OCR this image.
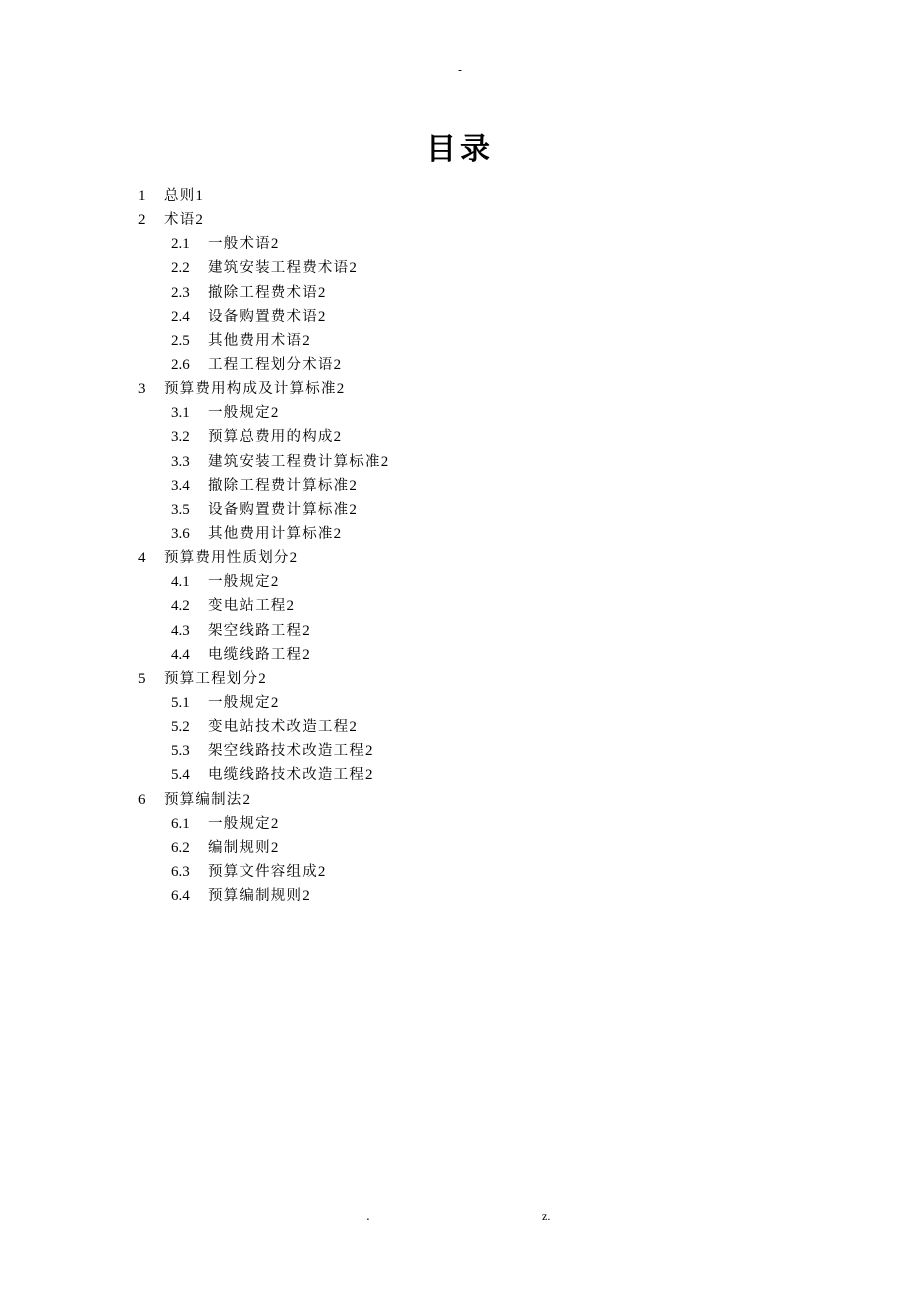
-
目录
1 总则1
2 术语2
2.1 一般术语2
2.2 建筑安装工程费术语2
2.3 撤除工程费术语2
2.4 设备购置费术语2
2.5 其他费用术语2
2.6 工程工程划分术语2
3 预算费用构成及计算标准2
3.1 一般规定2
3.2 预算总费用的构成2
3.3 建筑安装工程费计算标准2
3.4 撤除工程费计算标准2
3.5 设备购置费计算标准2
3.6 其他费用计算标准2
4 预算费用性质划分2
4.1 一般规定2
4.2 变电站工程2
4.3 架空线路工程2
4.4 电缆线路工程2
5 预算工程划分2
5.1 一般规定2
5.2 变电站技术改造工程2
5.3 架空线路技术改造工程2
5.4 电缆线路技术改造工程2
6 预算编制法2
6.1 一般规定2
6.2 编制规则2
6.3 预算文件容组成2
6.4 预算编制规则2
.	z.
